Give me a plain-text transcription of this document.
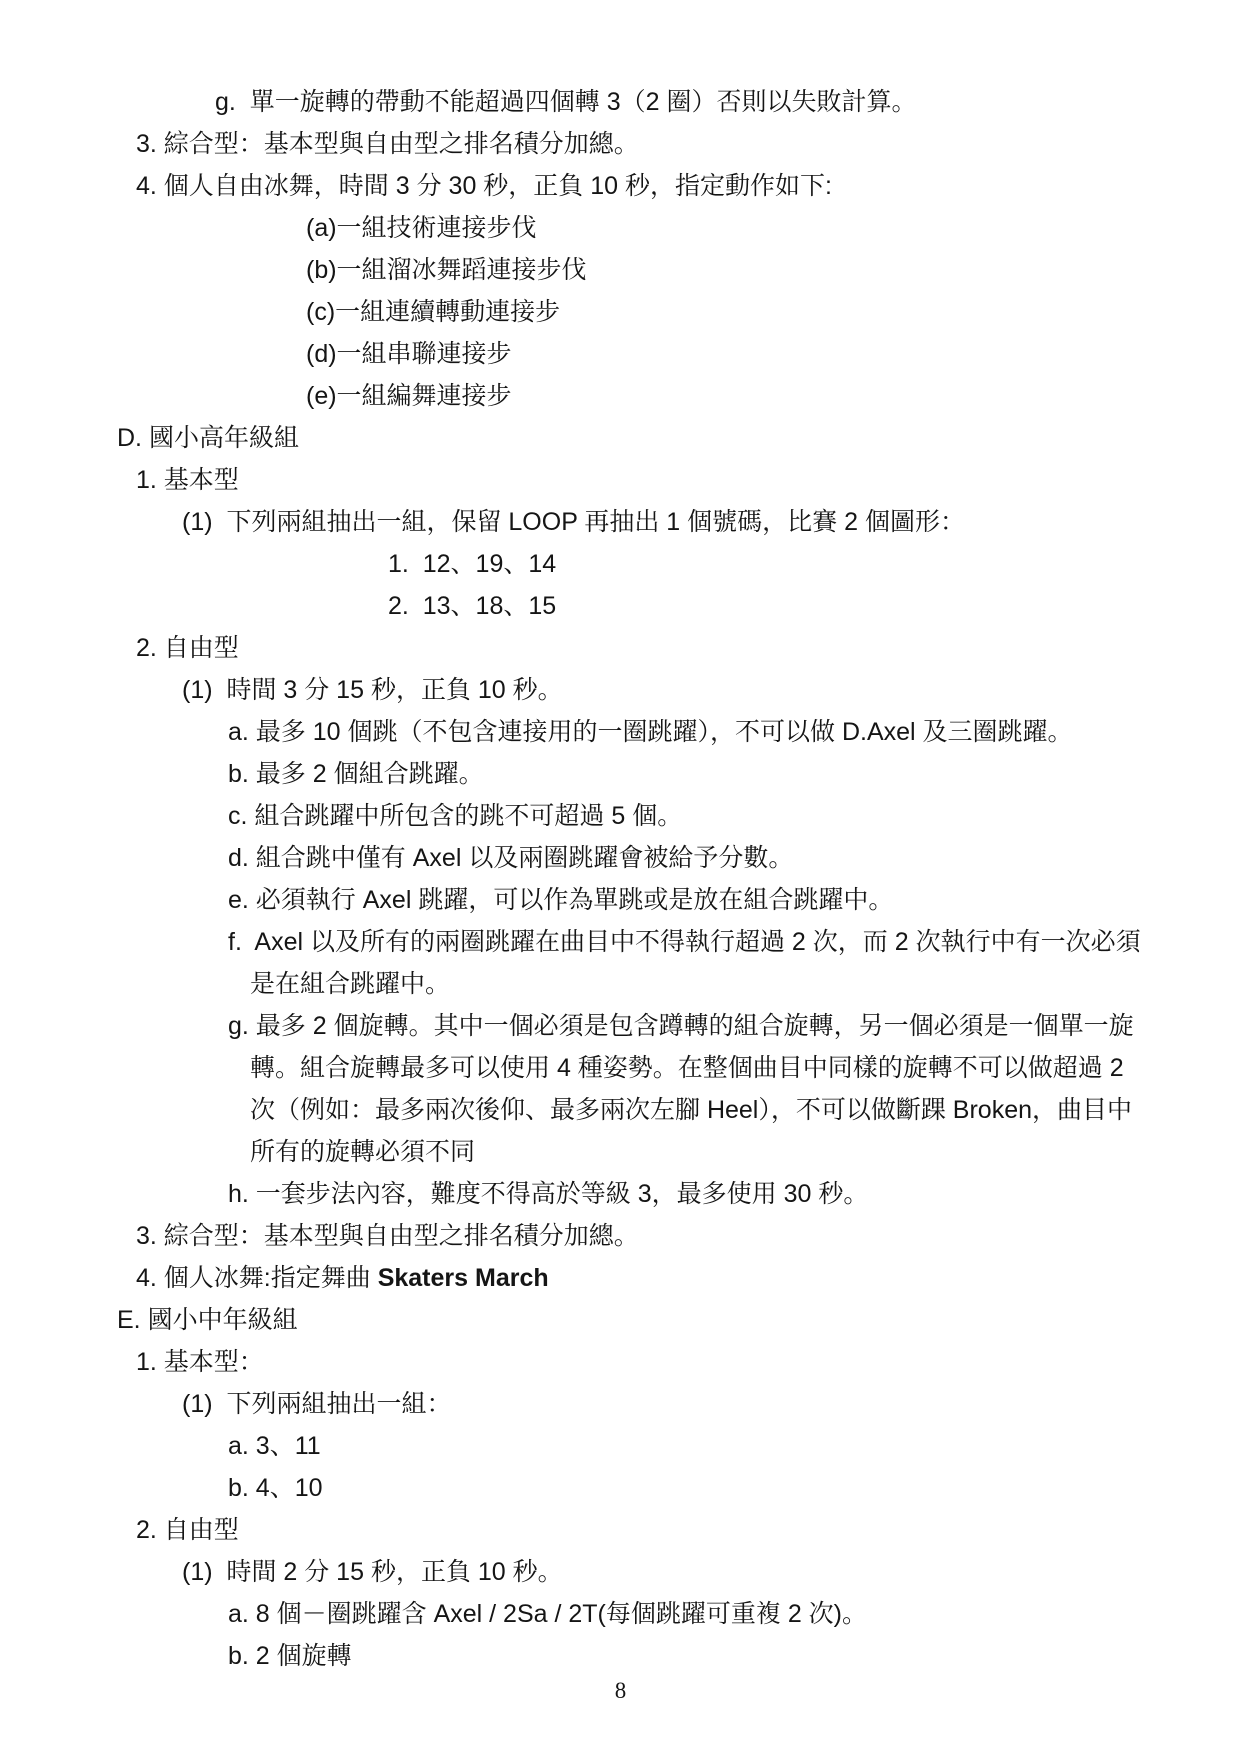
g.  單一旋轉的帶動不能超過四個轉 3（2 圈）否則以失敗計算。
3. 綜合型：基本型與自由型之排名積分加總。
4. 個人自由冰舞，時間 3 分 30 秒，正負 10 秒，指定動作如下:
(a)一組技術連接步伐
(b)一組溜冰舞蹈連接步伐
(c)一組連續轉動連接步
(d)一組串聯連接步
(e)一組編舞連接步
D. 國小高年級組
1. 基本型
(1)  下列兩組抽出一組，保留 LOOP 再抽出 1 個號碼，比賽 2 個圖形：
1.  12、19、14
2.  13、18、15
2. 自由型
(1)  時間 3 分 15 秒，正負 10 秒。
a. 最多 10 個跳（不包含連接用的一圈跳躍），不可以做 D.Axel 及三圈跳躍。
b. 最多 2 個組合跳躍。
c. 組合跳躍中所包含的跳不可超過 5 個。
d. 組合跳中僅有 Axel 以及兩圈跳躍會被給予分數。
e. 必須執行 Axel 跳躍，可以作為單跳或是放在組合跳躍中。
f.  Axel 以及所有的兩圈跳躍在曲目中不得執行超過 2 次，而 2 次執行中有一次必須
是在組合跳躍中。
g. 最多 2 個旋轉。其中一個必須是包含蹲轉的組合旋轉，另一個必須是一個單一旋
轉。組合旋轉最多可以使用 4 種姿勢。在整個曲目中同樣的旋轉不可以做超過 2
次（例如：最多兩次後仰、最多兩次左腳 Heel），不可以做斷踝 Broken，曲目中
所有的旋轉必須不同
h. 一套步法內容，難度不得高於等級 3，最多使用 30 秒。
3. 綜合型：基本型與自由型之排名積分加總。
4. 個人冰舞:指定舞曲 Skaters March
E. 國小中年級組
1. 基本型：
(1)  下列兩組抽出一組：
a. 3、11
b. 4、10
2. 自由型
(1)  時間 2 分 15 秒，正負 10 秒。
a. 8 個－圈跳躍含 Axel / 2Sa / 2T(每個跳躍可重複 2 次)。
b. 2 個旋轉
8
